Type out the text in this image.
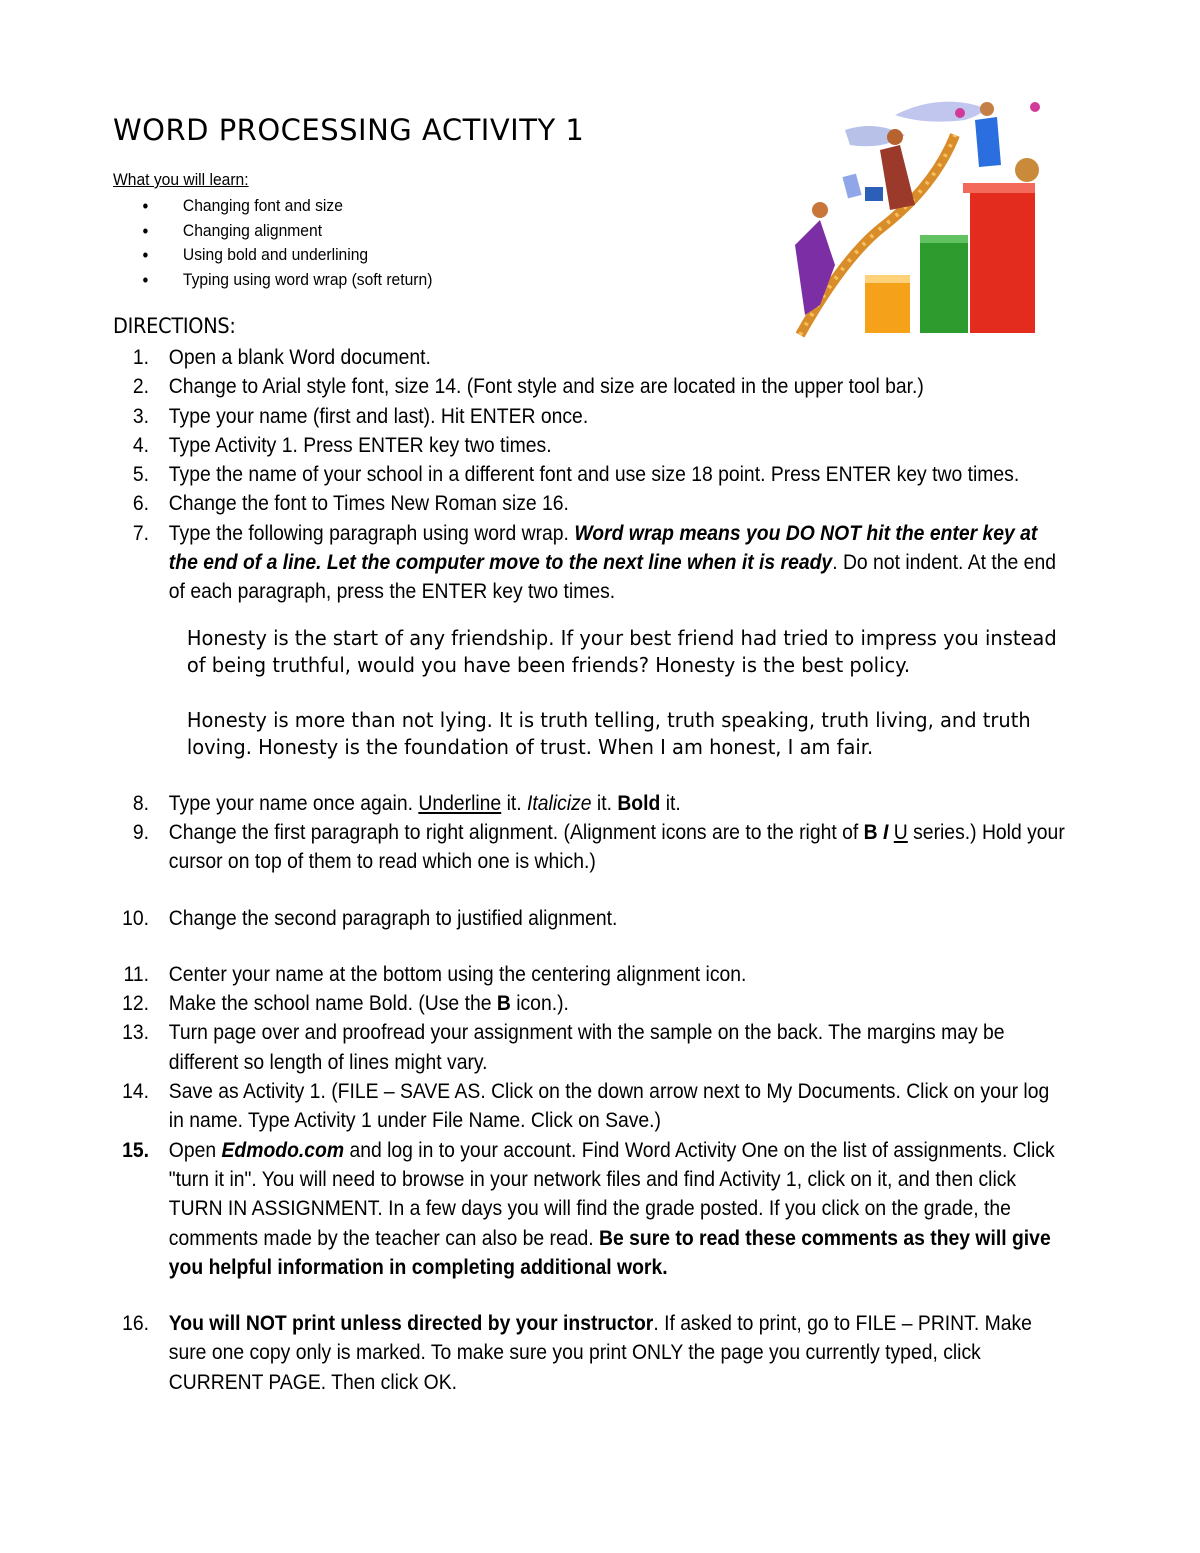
WORD PROCESSING ACTIVITY 1
What you will learn:
• Changing font and size
• Changing alignment
• Using bold and underlining
• Typing using word wrap (soft return)
DIRECTIONS:
1. Open a blank Word document.
2. Change to Arial style font, size 14. (Font style and size are located in the upper tool bar.)
3. Type your name (first and last). Hit ENTER once.
4. Type Activity 1. Press ENTER key two times.
5. Type the name of your school in a different font and use size 18 point. Press ENTER key two times.
6. Change the font to Times New Roman size 16.
7. Type the following paragraph using word wrap. Word wrap means you DO NOT hit the enter key at the end of a line. Let the computer move to the next line when it is ready. Do not indent. At the end of each paragraph, press the ENTER key two times.

Honesty is the start of any friendship. If your best friend had tried to impress you instead of being truthful, would you have been friends? Honesty is the best policy.

Honesty is more than not lying. It is truth telling, truth speaking, truth living, and truth loving. Honesty is the foundation of trust. When I am honest, I am fair.

8. Type your name once again. Underline it. Italicize it. Bold it.
9. Change the first paragraph to right alignment. (Alignment icons are to the right of B I U series.) Hold your cursor on top of them to read which one is which.)
10. Change the second paragraph to justified alignment.
11. Center your name at the bottom using the centering alignment icon.
12. Make the school name Bold. (Use the B icon.).
13. Turn page over and proofread your assignment with the sample on the back. The margins may be different so length of lines might vary.
14. Save as Activity 1. (FILE – SAVE AS. Click on the down arrow next to My Documents. Click on your log in name. Type Activity 1 under File Name. Click on Save.)
15. Open Edmodo.com and log in to your account. Find Word Activity One on the list of assignments. Click "turn it in". You will need to browse in your network files and find Activity 1, click on it, and then click TURN IN ASSIGNMENT. In a few days you will find the grade posted. If you click on the grade, the comments made by the teacher can also be read. Be sure to read these comments as they will give you helpful information in completing additional work.
16. You will NOT print unless directed by your instructor. If asked to print, go to FILE – PRINT. Make sure one copy only is marked. To make sure you print ONLY the page you currently typed, click CURRENT PAGE. Then click OK.
